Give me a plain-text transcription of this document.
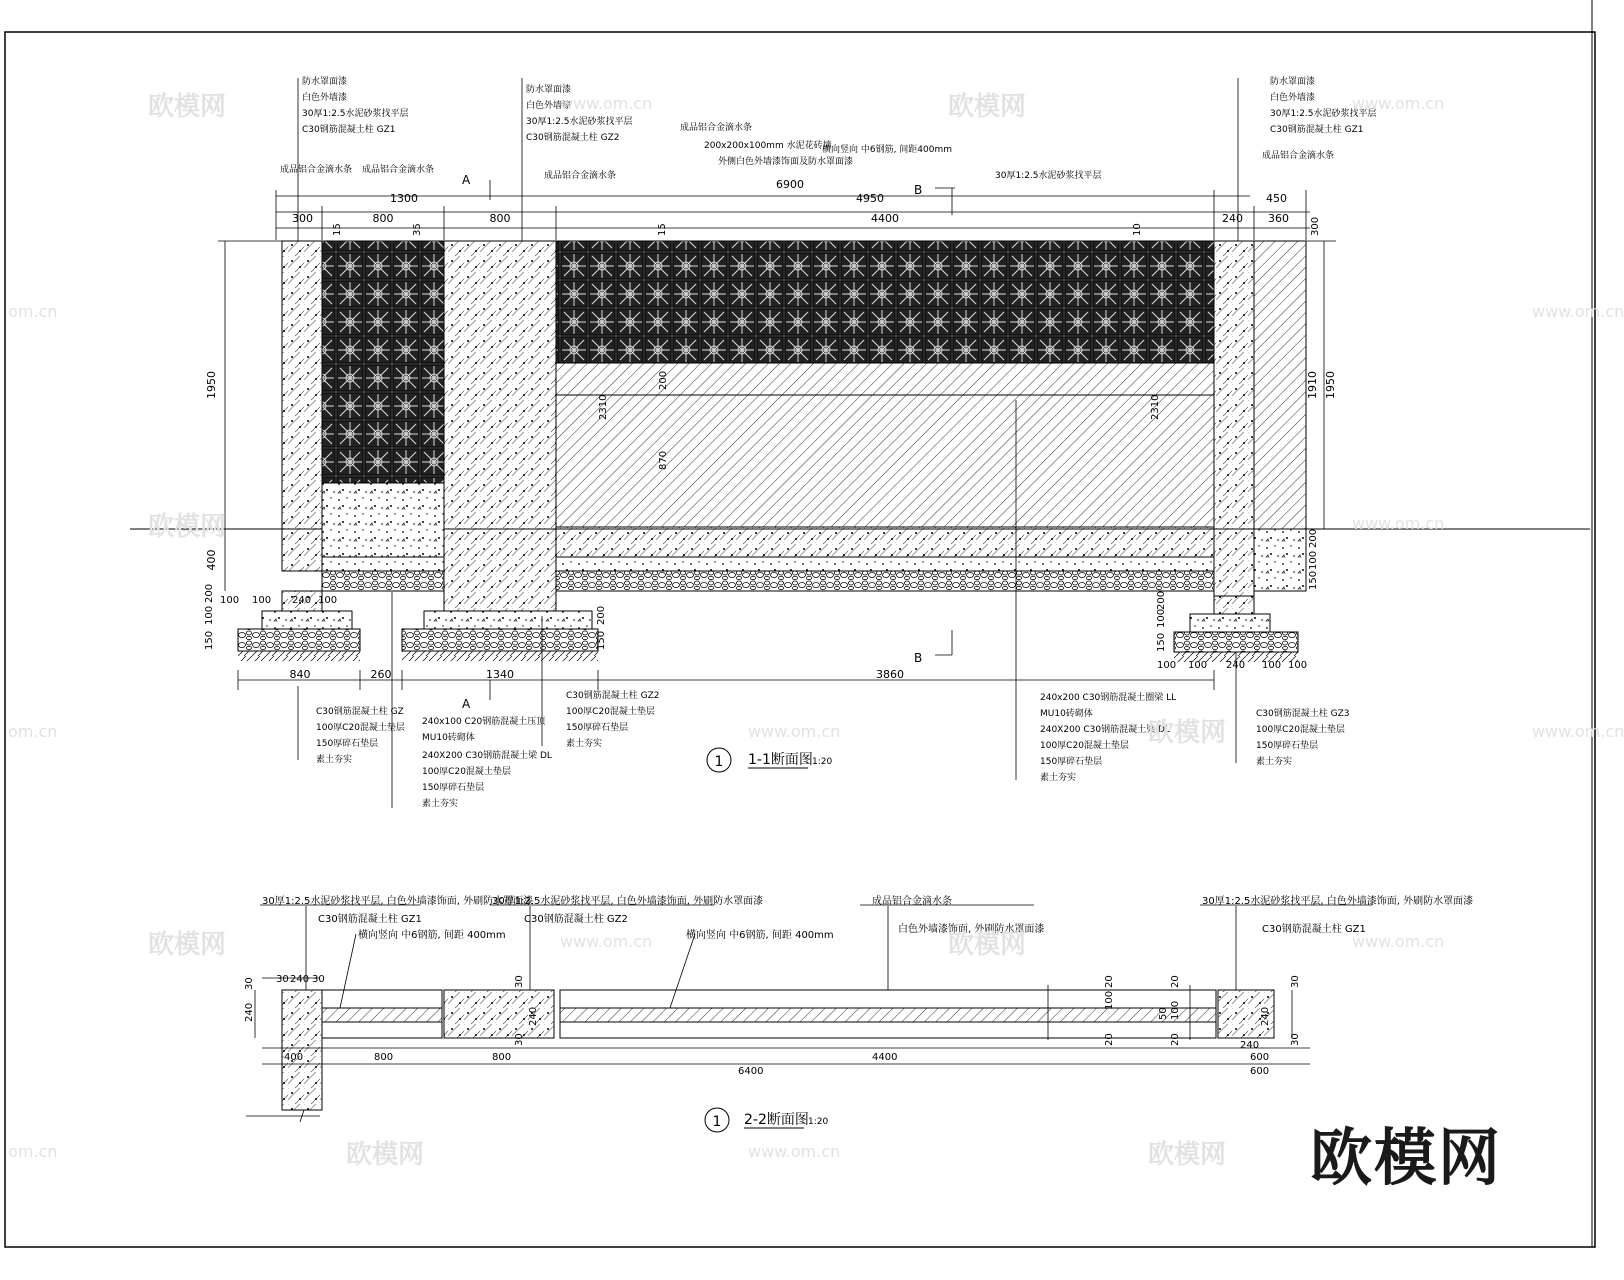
300
1300
800	800
6900
4950
4400
450
240 360
1950
400
1950
1910
15	35	15	10	300
2310
870
200
2310
200
100
150
100 100 240 100
200
100
150	150
200
100 100 240 100
200
100
150
100
840	260	1340	3860
A
A
B
B
防水罩面漆
白色外墙漆
30厚1:2.5水泥砂浆找平层
C30钢筋混凝土柱 GZ1
成品铝合金滴水条 成品铝合金滴水条
防水罩面漆
白色外墙漆
30厚1:2.5水泥砂浆找平层
C30钢筋混凝土柱 GZ2
成品铝合金滴水条
成品铝合金滴水条
200x200x100mm 水泥花砖墙
外侧白色外墙漆饰面及防水罩面漆
横向竖向 中6钢筋, 间距400mm
30厚1:2.5水泥砂浆找平层
防水罩面漆
白色外墙漆
30厚1:2.5水泥砂浆找平层
C30钢筋混凝土柱 GZ1
成品铝合金滴水条
C30钢筋混凝土柱 GZ
100厚C20混凝土垫层
150厚碎石垫层
素土夯实
240x100 C20钢筋混凝土压顶
MU10砖砌体
240X200 C30钢筋混凝土梁 DL
100厚C20混凝土垫层
150厚碎石垫层
素土夯实
C30钢筋混凝土柱 GZ2
100厚C20混凝土垫层
150厚碎石垫层
素土夯实
240x200 C30钢筋混凝土圈梁 LL
MU10砖砌体
240X200 C30钢筋混凝土梁 DL
100厚C20混凝土垫层
150厚碎石垫层
素土夯实
C30钢筋混凝土柱 GZ3
100厚C20混凝土垫层
150厚碎石垫层
素土夯实
1 1-1断面图 1:20
30厚1:2.5水泥砂浆找平层, 白色外墙漆饰面, 外刷防水罩面漆
C30钢筋混凝土柱 GZ1
横向竖向 中6钢筋, 间距 400mm
30厚1:2.5水泥砂浆找平层, 白色外墙漆饰面, 外刷防水罩面漆
C30钢筋混凝土柱 GZ2
横向竖向 中6钢筋, 间距 400mm
成品铝合金滴水条
白色外墙漆饰面, 外刷防水罩面漆
30厚1:2.5水泥砂浆找平层, 白色外墙漆饰面, 外刷防水罩面漆
C30钢筋混凝土柱 GZ1
30 240 30
240
30
400	800	800
30
240
30
4400
20
100
20
20
100
20
50	240
30
240	30
600
6400	600
1 2-2断面图 1:20
欧模网	www.om.cn	欧模网	www.om.cn
om.cn	www.om.cn
欧模网	www.om.cn
om.cn	www.om.cn	欧模网	www.om.cn
欧模网	www.om.cn	欧模网	www.om.cn
om.cn	欧模网	www.om.cn	欧模网 欧模网
